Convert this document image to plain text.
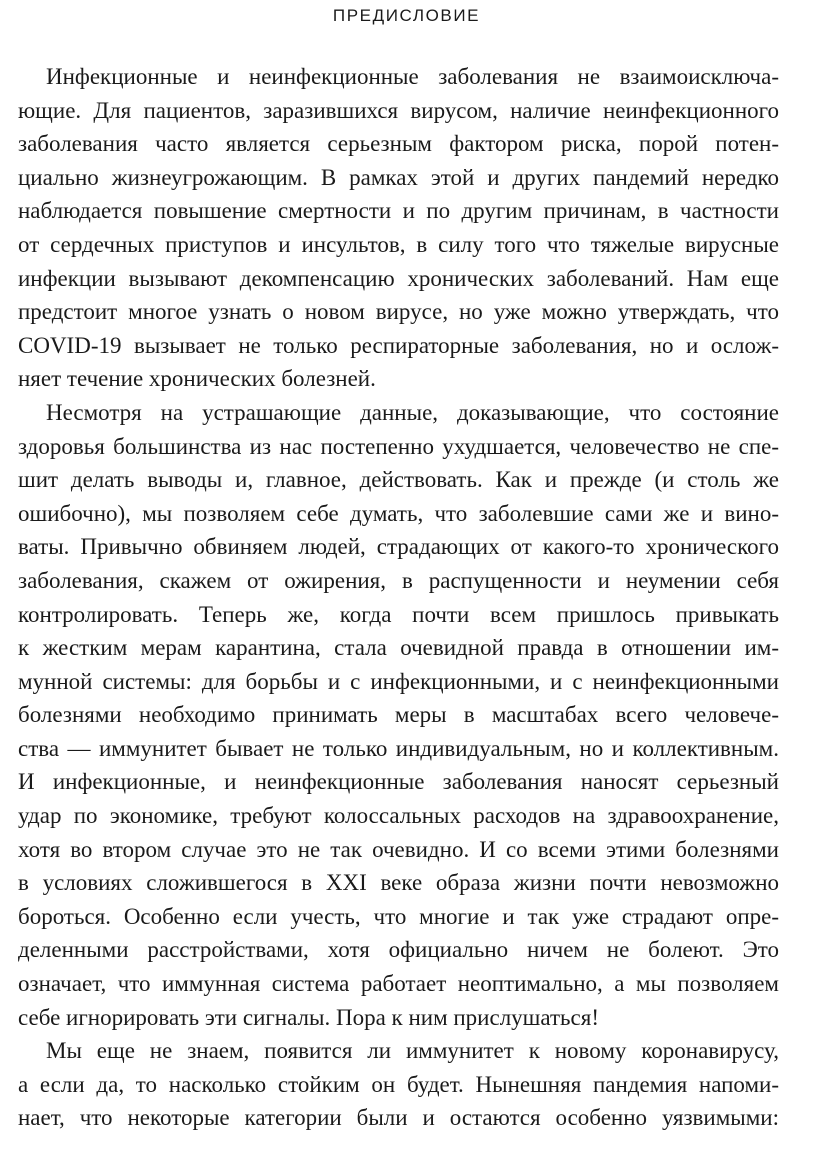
ПРЕДИСЛОВИЕ
Инфекционные и неинфекционные заболевания не взаимоисключа-
ющие. Для пациентов, заразившихся вирусом, наличие неинфекционного
заболевания часто является серьезным фактором риска, порой потен-
циально жизнеугрожающим. В рамках этой и других пандемий нередко
наблюдается повышение смертности и по другим причинам, в частности
от сердечных приступов и инсультов, в силу того что тяжелые вирусные
инфекции вызывают декомпенсацию хронических заболеваний. Нам еще
предстоит многое узнать о новом вирусе, но уже можно утверждать, что
COVID-19 вызывает не только респираторные заболевания, но и ослож-
няет течение хронических болезней.
Несмотря на устрашающие данные, доказывающие, что состояние
здоровья большинства из нас постепенно ухудшается, человечество не спе-
шит делать выводы и, главное, действовать. Как и прежде (и столь же
ошибочно), мы позволяем себе думать, что заболевшие сами же и вино-
ваты. Привычно обвиняем людей, страдающих от какого-то хронического
заболевания, скажем от ожирения, в распущенности и неумении себя
контролировать. Теперь же, когда почти всем пришлось привыкать
к жестким мерам карантина, стала очевидной правда в отношении им-
мунной системы: для борьбы и с инфекционными, и с неинфекционными
болезнями необходимо принимать меры в масштабах всего человече-
ства — иммунитет бывает не только индивидуальным, но и коллективным.
И инфекционные, и неинфекционные заболевания наносят серьезный
удар по экономике, требуют колоссальных расходов на здравоохранение,
хотя во втором случае это не так очевидно. И со всеми этими болезнями
в условиях сложившегося в XXI веке образа жизни почти невозможно
бороться. Особенно если учесть, что многие и так уже страдают опре-
деленными расстройствами, хотя официально ничем не болеют. Это
означает, что иммунная система работает неоптимально, а мы позволяем
себе игнорировать эти сигналы. Пора к ним прислушаться!
Мы еще не знаем, появится ли иммунитет к новому коронавирусу,
а если да, то насколько стойким он будет. Нынешняя пандемия напоми-
нает, что некоторые категории были и остаются особенно уязвимыми:
